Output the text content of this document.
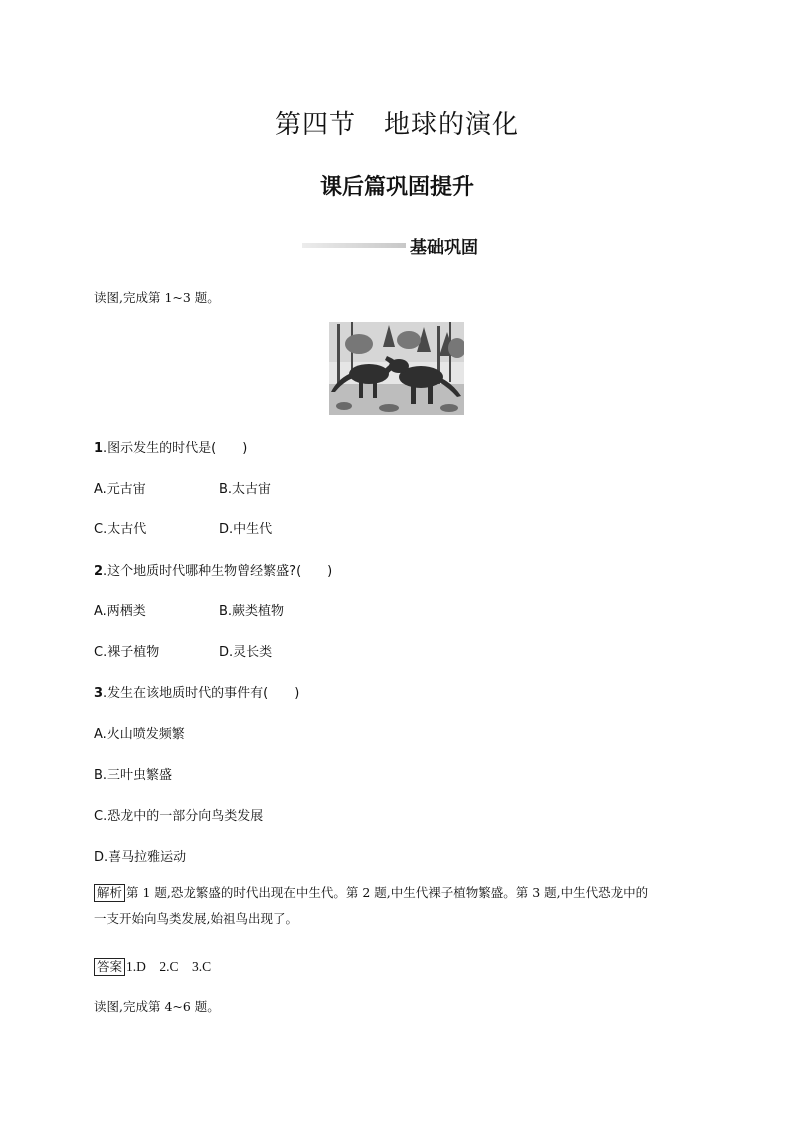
第四节 地球的演化
课后篇巩固提升
基础巩固
读图,完成第 1~3 题。
1.图示发生的时代是(　　)
A.元古宙	B.太古宙
C.太古代	D.中生代
2.这个地质时代哪种生物曾经繁盛?(　　)
A.两栖类	B.蕨类植物
C.裸子植物	D.灵长类
3.发生在该地质时代的事件有(　　)
A.火山喷发频繁
B.三叶虫繁盛
C.恐龙中的一部分向鸟类发展
D.喜马拉雅运动
解析 第 1 题,恐龙繁盛的时代出现在中生代。第 2 题,中生代裸子植物繁盛。第 3 题,中生代恐龙中的
一支开始向鸟类发展,始祖鸟出现了。
答案 1.D　2.C　3.C
读图,完成第 4~6 题。
